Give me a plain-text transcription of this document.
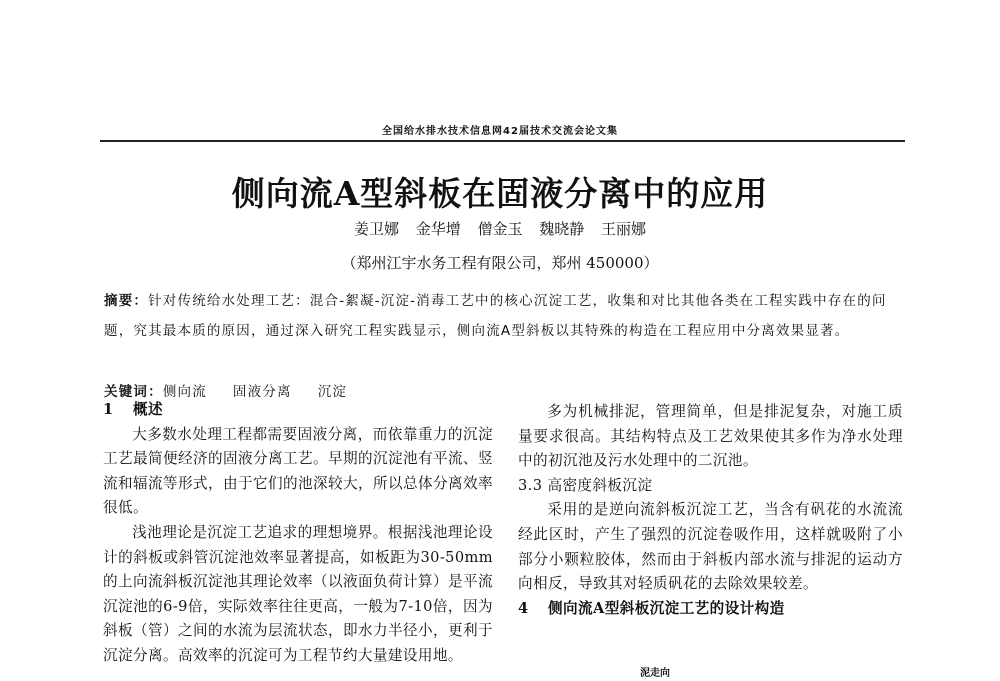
全国给水排水技术信息网42届技术交流会论文集
侧向流A型斜板在固液分离中的应用
姜卫娜 金华增 僧金玉 魏晓静 王丽娜
（郑州江宇水务工程有限公司，郑州 450000）
摘要：针对传统给水处理工艺：混合-絮凝-沉淀-消毒工艺中的核心沉淀工艺，收集和对比其他各类在工程实践中存在的问题，究其最本质的原因，通过深入研究工程实践显示，侧向流A型斜板以其特殊的构造在工程应用中分离效果显著。
关键词：侧向流 固液分离 沉淀

1 概述

大多数水处理工程都需要固液分离，而依靠重力的沉淀工艺最简便经济的固液分离工艺。早期的沉淀池有平流、竖流和辐流等形式，由于它们的池深较大，所以总体分离效率很低。

浅池理论是沉淀工艺追求的理想境界。根据浅池理论设计的斜板或斜管沉淀池效率显著提高，如板距为30-50mm的上向流斜板沉淀池其理论效率（以液面负荷计算）是平流沉淀池的6-9倍，实际效率往往更高，一般为7-10倍，因为斜板（管）之间的水流为层流状态，即水力半径小，更利于沉淀分离。高效率的沉淀可为工程节约大量建设用地。

多为机械排泥，管理简单，但是排泥复杂，对施工质量要求很高。其结构特点及工艺效果使其多作为净水处理中的初沉池及污水处理中的二沉池。

3.3 高密度斜板沉淀

采用的是逆向流斜板沉淀工艺，当含有矾花的水流流经此区时，产生了强烈的沉淀卷吸作用，这样就吸附了小部分小颗粒胶体，然而由于斜板内部水流与排泥的运动方向相反，导致其对轻质矾花的去除效果较差。

4 侧向流A型斜板沉淀工艺的设计构造

泥走向
